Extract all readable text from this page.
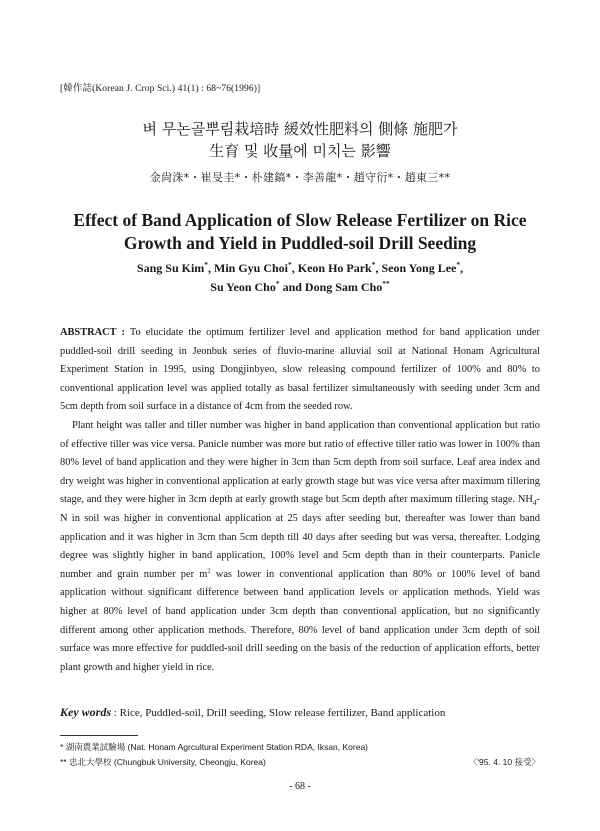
[韓作誌(Korean J. Crop Sci.) 41(1) : 68~76(1996)]
벼 무논골뿌림栽培時 緩效性肥料의 側條 施肥가
生育 및 收量에 미치는 影響
金尙洙*・崔旻圭*・朴建鎬*・李善龍*・趙守衍*・趙東三**
Effect of Band Application of Slow Release Fertilizer on Rice
Growth and Yield in Puddled-soil Drill Seeding
Sang Su Kim*, Min Gyu Choi*, Keon Ho Park*, Seon Yong Lee*,
Su Yeon Cho* and Dong Sam Cho**

ABSTRACT : To elucidate the optimum fertilizer level and application method for band application under puddled-soil drill seeding in Jeonbuk series of fluvio-marine alluvial soil at National Honam Agricultural Experiment Station in 1995, using Dongjinbyeo, slow releasing compound fertilizer of 100% and 80% to conventional application level was applied totally as basal fertilizer simultaneously with seeding under 3cm and 5cm depth from soil surface in a distance of 4cm from the seeded row.

Plant height was taller and tiller number was higher in band application than conventional application but ratio of effective tiller was vice versa. Panicle number was more but ratio of effective tiller ratio was lower in 100% than 80% level of band application and they were higher in 3cm than 5cm depth from soil surface. Leaf area index and dry weight was higher in conventional application at early growth stage but was vice versa after maximum tillering stage, and they were higher in 3cm depth at early growth stage but 5cm depth after maximum tillering stage. $NH_4-N$ in soil was higher in conventional application at 25 days after seeding but, thereafter was lower than band application and it was higher in 3cm than 5cm depth till 40 days after seeding but was versa, thereafter. Lodging degree was slightly higher in band application, 100% level and 5cm depth than in their counterparts. Panicle number and grain number per $m^2$ was lower in conventional application than 80% or 100% level of band application without significant difference between band application levels or application methods. Yield was higher at 80% level of band application under 3cm depth than conventional application, but no significantly different among other application methods. Therefore, 80% level of band application under 3cm depth of soil surface was more effective for puddled-soil drill seeding on the basis of the reduction of application efforts, better plant growth and higher yield in rice.

Key words : Rice, Puddled-soil, Drill seeding, Slow release fertilizer, Band application
* 湖南農業試驗場 (Nat. Honam Agrcultural Experiment Station RDA, Iksan, Korea)
** 忠北大學校 (Chungbuk University, Cheongju, Korea)	〈'95. 4. 10 接受〉
- 68 -
